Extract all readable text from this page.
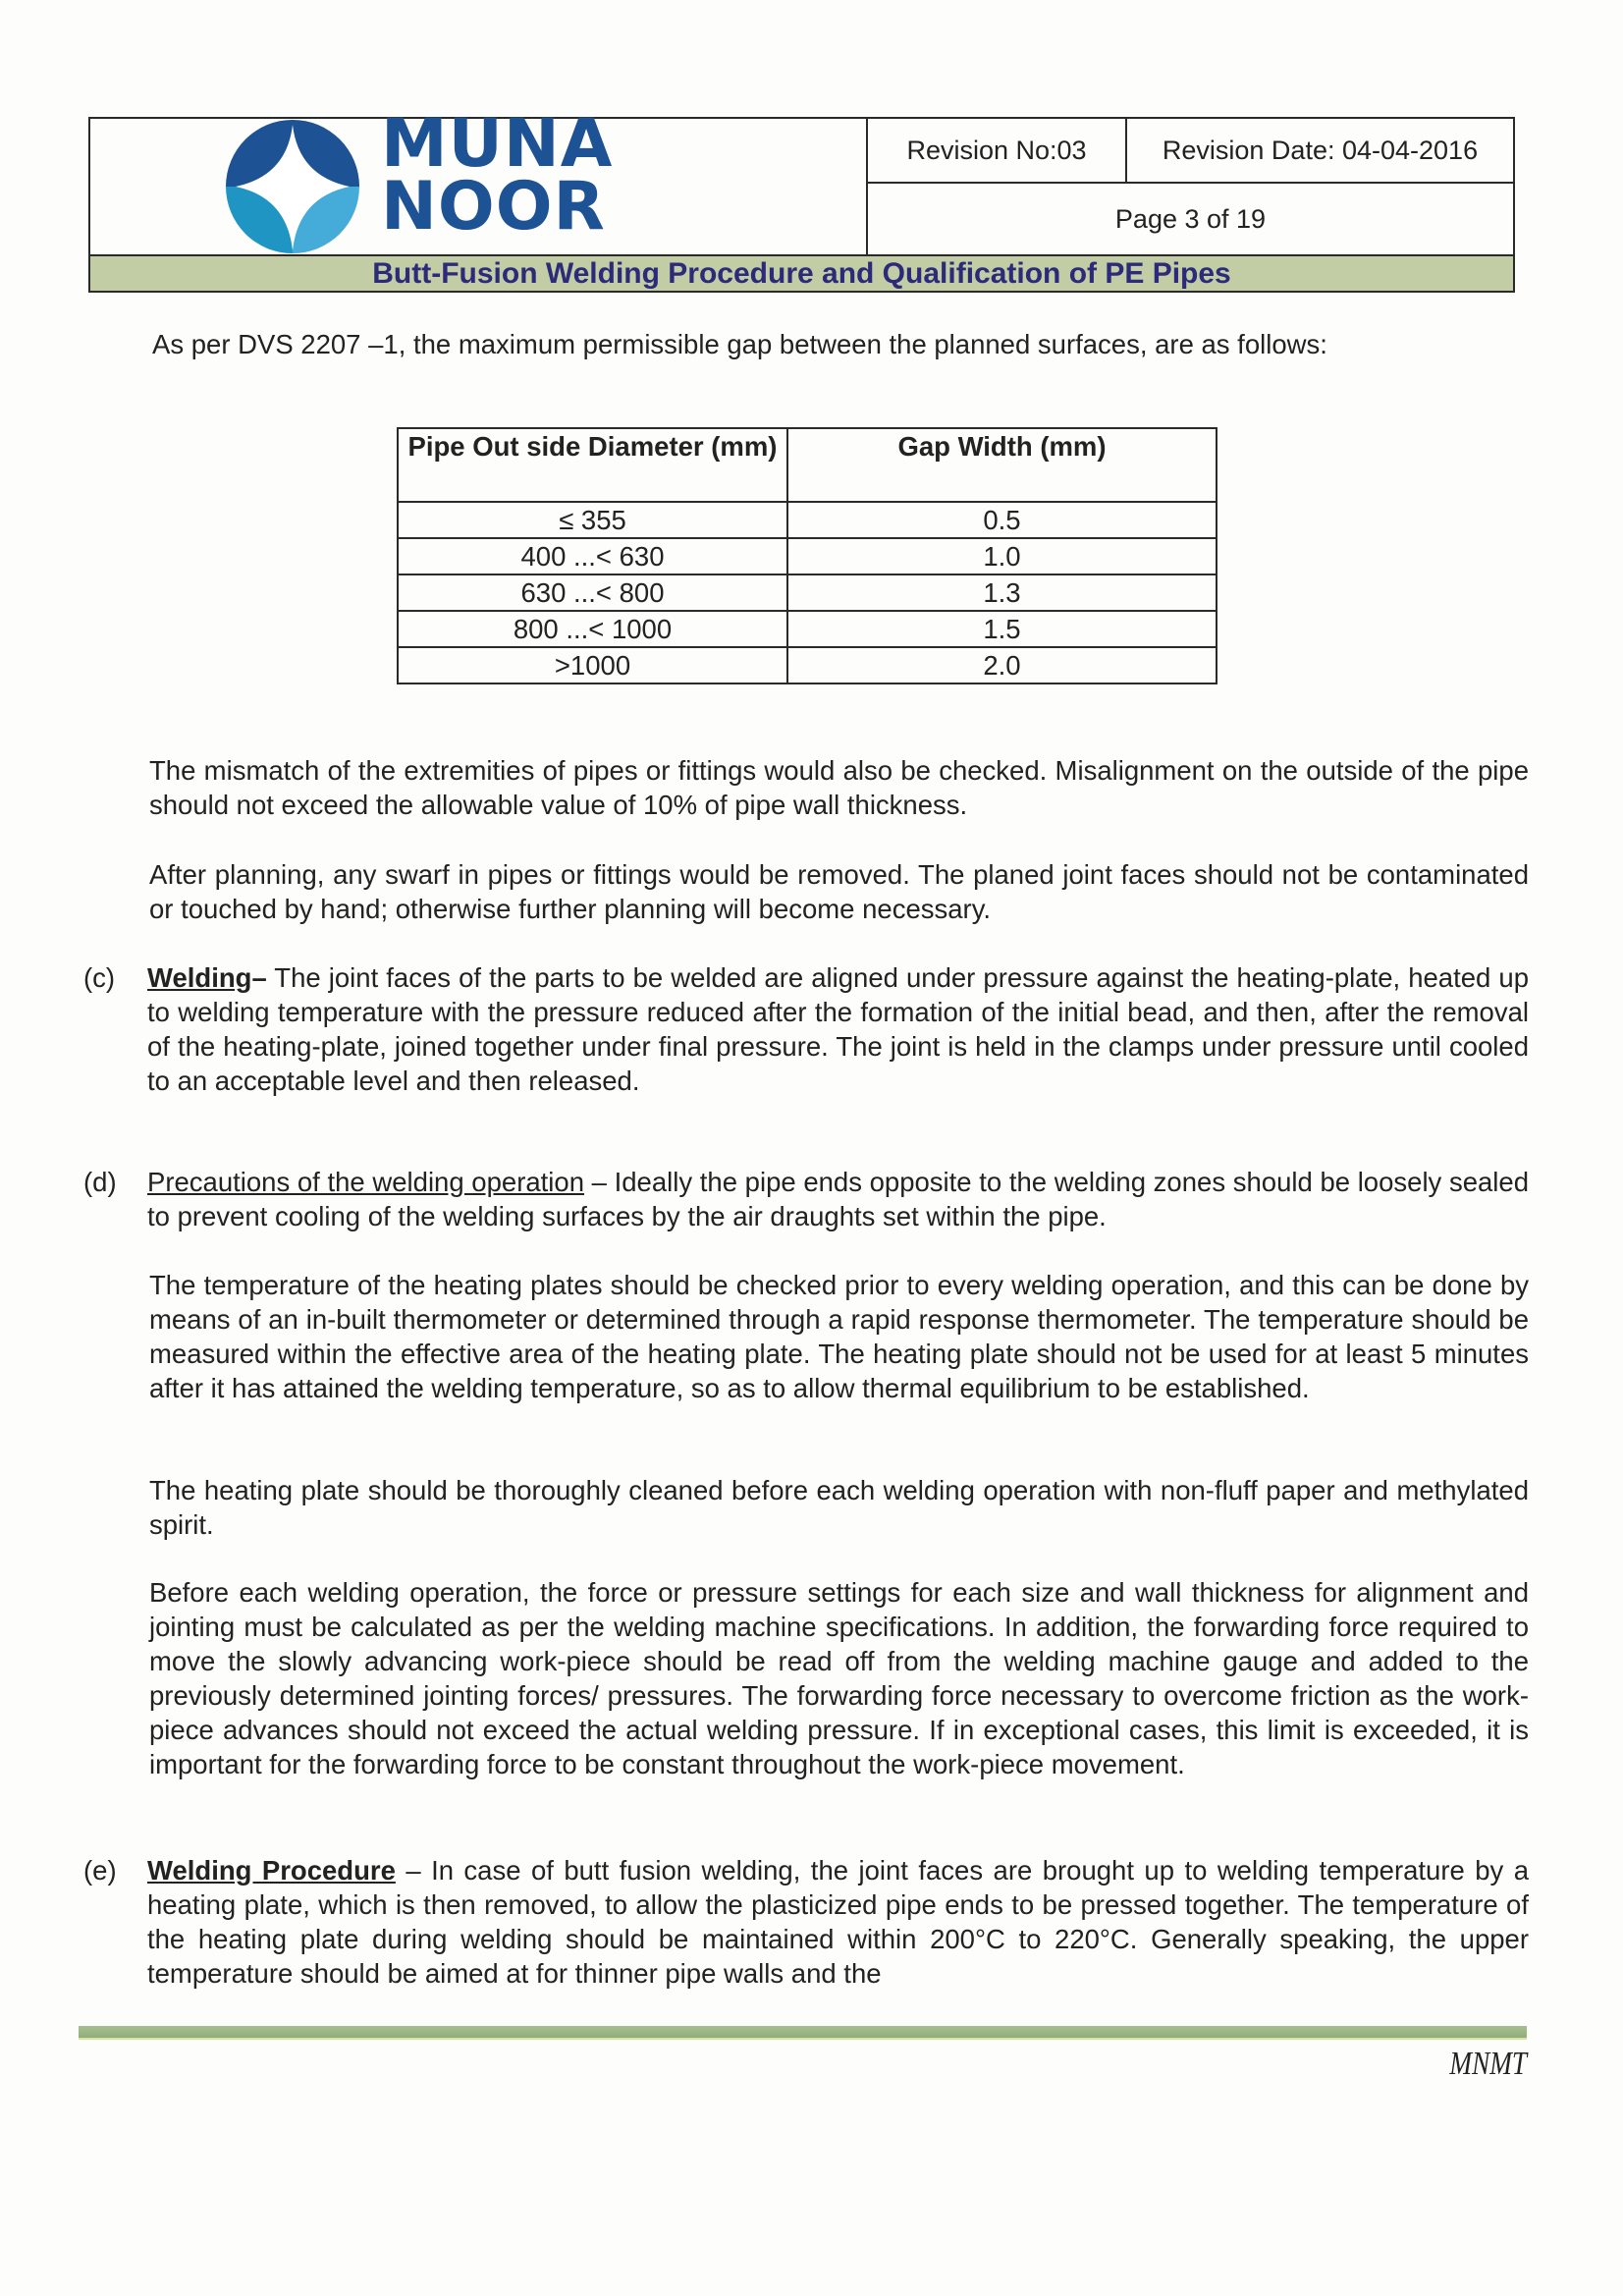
MUNA
NOOR
Revision No:03	Revision Date: 04-04-2016
Page 3 of 19
Butt-Fusion Welding Procedure and Qualification of PE Pipes
As per DVS 2207 –1, the maximum permissible gap between the planned surfaces, are as follows:
Pipe Out side Diameter (mm)	Gap Width (mm)
≤ 355	0.5
400 ...< 630	1.0
630 ...< 800	1.3
800 ...< 1000	1.5
>1000	2.0
The mismatch of the extremities of pipes or fittings would also be checked. Misalignment on the outside of the pipe should not exceed the allowable value of 10% of pipe wall thickness.
After planning, any swarf in pipes or fittings would be removed. The planed joint faces should not be contaminated or touched by hand; otherwise further planning will become necessary.
(c) Welding– The joint faces of the parts to be welded are aligned under pressure against the heating-plate, heated up to welding temperature with the pressure reduced after the formation of the initial bead, and then, after the removal of the heating-plate, joined together under final pressure. The joint is held in the clamps under pressure until cooled to an acceptable level and then released.
(d) Precautions of the welding operation – Ideally the pipe ends opposite to the welding zones should be loosely sealed to prevent cooling of the welding surfaces by the air draughts set within the pipe.
The temperature of the heating plates should be checked prior to every welding operation, and this can be done by means of an in-built thermometer or determined through a rapid response thermometer. The temperature should be measured within the effective area of the heating plate. The heating plate should not be used for at least 5 minutes after it has attained the welding temperature, so as to allow thermal equilibrium to be established.
The heating plate should be thoroughly cleaned before each welding operation with non-fluff paper and methylated spirit.
Before each welding operation, the force or pressure settings for each size and wall thickness for alignment and jointing must be calculated as per the welding machine specifications. In addition, the forwarding force required to move the slowly advancing work-piece should be read off from the welding machine gauge and added to the previously determined jointing forces/ pressures. The forwarding force necessary to overcome friction as the work-piece advances should not exceed the actual welding pressure. If in exceptional cases, this limit is exceeded, it is important for the forwarding force to be constant throughout the work-piece movement.
(e) Welding Procedure – In case of butt fusion welding, the joint faces are brought up to welding temperature by a heating plate, which is then removed, to allow the plasticized pipe ends to be pressed together. The temperature of the heating plate during welding should be maintained within 200°C to 220°C. Generally speaking, the upper temperature should be aimed at for thinner pipe walls and the
MNMT
